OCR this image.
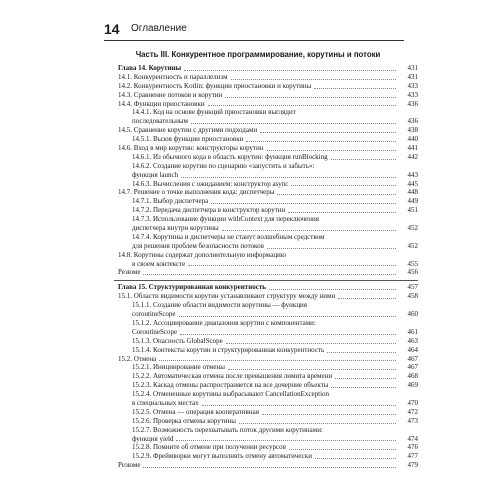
14 Оглавление
Часть III. Конкурентное программирование, корутины и потоки
Глава 14. Корутины	431
14.1. Конкурентность и параллелизм	431
14.2. Конкурентность Kotlin: функции приостановки и корутины	433
14.3. Сравнение потоков и корутин	433
14.4. Функции приостановки	436
14.4.1. Код на основе функций приостановки выглядит
последовательным	436
14.5. Сравнение корутин с другими подходами	438
14.5.1. Вызов функции приостановки	440
14.6. Вход в мир корутин: конструкторы корутин	441
14.6.1. Из обычного кода в область корутин: функция runBlocking	442
14.6.2. Создание корутин по сценарию «запустить и забыть»:
функция launch	443
14.6.3. Вычисления с ожиданием: конструктор async	445
14.7. Решение о точке выполнения кода: диспетчеры	448
14.7.1. Выбор диспетчера	449
14.7.2. Передача диспетчера в конструктор корутин	451
14.7.3. Использование функции withContext для переключения
диспетчера внутри корутины	452
14.7.4. Корутины и диспетчеры не станут волшебным средством
для решения проблем безопасности потоков	452
14.8. Корутины содержат дополнительную информацию
в своем контексте	455
Резюме	456
Глава 15. Структурированная конкурентность	457
15.1. Области видимости корутин устанавливают структуру между ними	458
15.1.1. Создание области видимости корутины — функция
coroutineScope	460
15.1.2. Ассоциирование диапазонов корутин с компонентами:
CoroutineScope	461
15.1.3. Опасность GlobalScope	463
15.1.4. Контексты корутин и структурированная конкурентность	464
15.2. Отмена	467
15.2.1. Инициирование отмены	467
15.2.2. Автоматическая отмена после превышения лимита времени	468
15.2.3. Каскад отмены распространяется на все дочерние объекты	469
15.2.4. Отмененные корутины выбрасывают CancellationException
в специальных местах	470
15.2.5. Отмена — операция кооперативная	472
15.2.6. Проверка отмены корутины	473
15.2.7. Возможность перехватывать поток другими корутинами:
функция yield	474
15.2.8. Помните об отмене при получении ресурсов	476
15.2.9. Фреймворки могут выполнять отмену автоматически	477
Резюме	479
